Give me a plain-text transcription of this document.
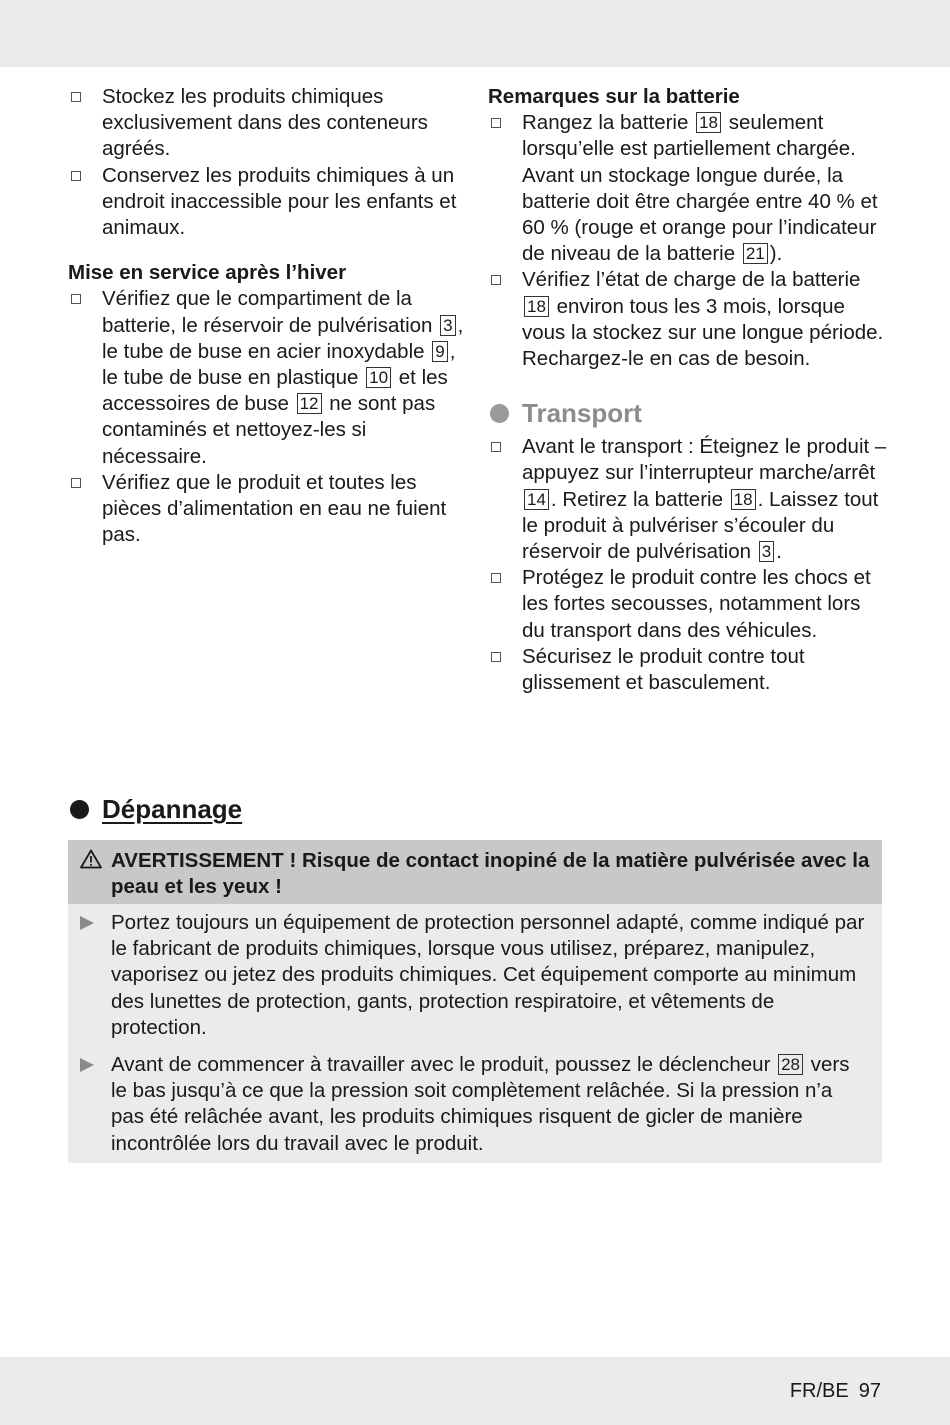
Stockez les produits chimiques exclusivement dans des conteneurs agréés.
Conservez les produits chimiques à un endroit inaccessible pour les enfants et animaux.
Mise en service après l’hiver
Vérifiez que le compartiment de la batterie, le réservoir de pulvérisation 3 , le tube de buse en acier inoxydable 9 , le tube de buse en plastique 10 et les accessoires de buse 12 ne sont pas contaminés et nettoyez-les si nécessaire.
Vérifiez que le produit et toutes les pièces d’alimentation en eau ne fuient pas.
Remarques sur la batterie
Rangez la batterie 18 seulement lorsqu’elle est partiellement chargée. Avant un stockage longue durée, la batterie doit être chargée entre 40 % et 60 % (rouge et orange pour l’indicateur de niveau de la batterie 21 ).
Vérifiez l’état de charge de la batterie 18 environ tous les 3 mois, lorsque vous la stockez sur une longue période. Rechargez-le en cas de besoin.
Transport
Avant le transport : Éteignez le produit – appuyez sur l’interrupteur marche/arrêt 14 . Retirez la batterie 18 . Laissez tout le produit à pulvériser s’écouler du réservoir de pulvérisation 3 .
Protégez le produit contre les chocs et les fortes secousses, notamment lors du transport dans des véhicules.
Sécurisez le produit contre tout glissement et basculement.
Dépannage
AVERTISSEMENT ! Risque de contact inopiné de la matière pulvérisée avec la peau et les yeux !
Portez toujours un équipement de protection personnel adapté, comme indiqué par le fabricant de produits chimiques, lorsque vous utilisez, préparez, manipulez, vaporisez ou jetez des produits chimiques. Cet équipement comporte au minimum des lunettes de protection, gants, protection respiratoire, et vêtements de protection.
Avant de commencer à travailler avec le produit, poussez le déclencheur 28 vers le bas jusqu’à ce que la pression soit complètement relâchée. Si la pression n’a pas été relâchée avant, les produits chimiques risquent de gicler de manière incontrôlée lors du travail avec le produit.
FR/BE 97
